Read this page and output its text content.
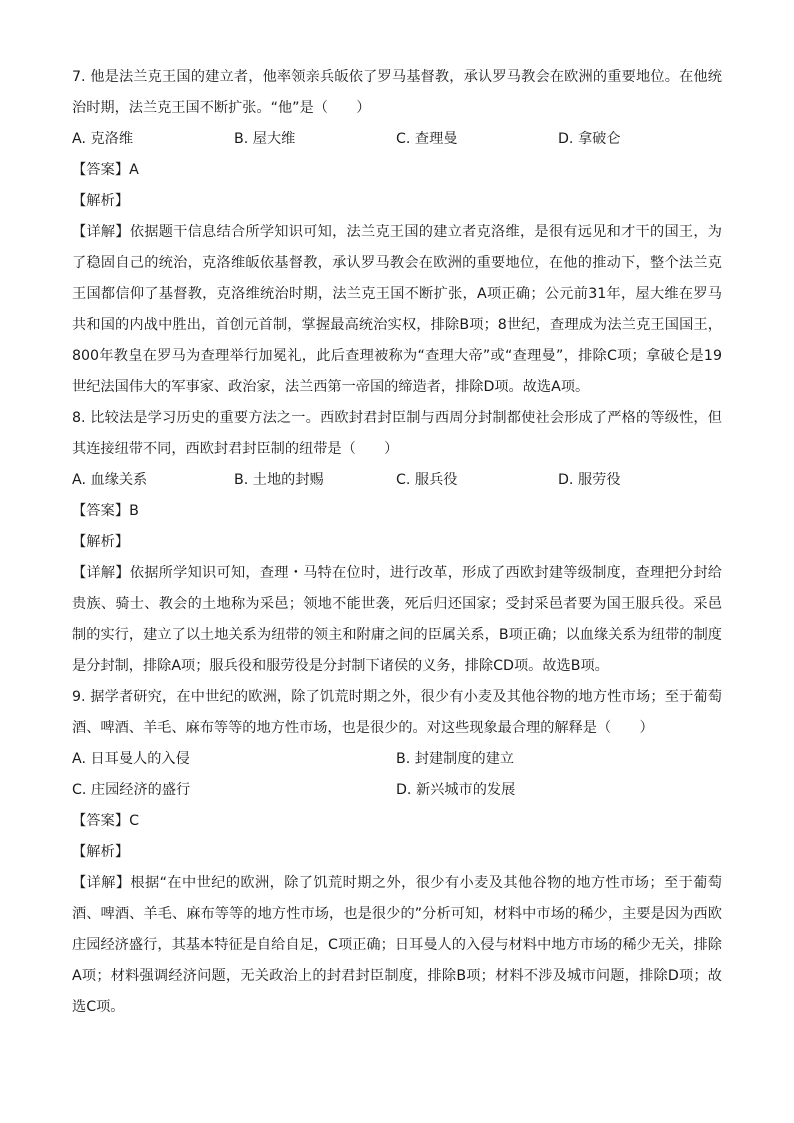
7. 他是法兰克王国的建立者，他率领亲兵皈依了罗马基督教，承认罗马教会在欧洲的重要地位。在他统治时期，法兰克王国不断扩张。“他”是（　　）
A. 克洛维	B. 屋大维	C. 查理曼	D. 拿破仑
【答案】A
【解析】
【详解】依据题干信息结合所学知识可知，法兰克王国的建立者克洛维，是很有远见和才干的国王，为了稳固自己的统治，克洛维皈依基督教，承认罗马教会在欧洲的重要地位，在他的推动下，整个法兰克王国都信仰了基督教，克洛维统治时期，法兰克王国不断扩张，A项正确；公元前31年，屋大维在罗马共和国的内战中胜出，首创元首制，掌握最高统治实权，排除B项；8世纪，查理成为法兰克王国国王，800年教皇在罗马为查理举行加冕礼，此后查理被称为“查理大帝”或“查理曼”，排除C项；拿破仑是19世纪法国伟大的军事家、政治家，法兰西第一帝国的缔造者，排除D项。故选A项。
8. 比较法是学习历史的重要方法之一。西欧封君封臣制与西周分封制都使社会形成了严格的等级性，但其连接纽带不同，西欧封君封臣制的纽带是（　　）
A. 血缘关系	B. 土地的封赐	C. 服兵役	D. 服劳役
【答案】B
【解析】
【详解】依据所学知识可知，查理・马特在位时，进行改革，形成了西欧封建等级制度，查理把分封给贵族、骑士、教会的土地称为采邑；领地不能世袭，死后归还国家；受封采邑者要为国王服兵役。采邑制的实行，建立了以土地关系为纽带的领主和附庸之间的臣属关系，B项正确；以血缘关系为纽带的制度是分封制，排除A项；服兵役和服劳役是分封制下诸侯的义务，排除CD项。故选B项。
9. 据学者研究，在中世纪的欧洲，除了饥荒时期之外，很少有小麦及其他谷物的地方性市场；至于葡萄酒、啤酒、羊毛、麻布等等的地方性市场，也是很少的。对这些现象最合理的解释是（　　）
A. 日耳曼人的入侵	B. 封建制度的建立
C. 庄园经济的盛行	D. 新兴城市的发展
【答案】C
【解析】
【详解】根据“在中世纪的欧洲，除了饥荒时期之外，很少有小麦及其他谷物的地方性市场；至于葡萄酒、啤酒、羊毛、麻布等等的地方性市场，也是很少的”分析可知，材料中市场的稀少，主要是因为西欧庄园经济盛行，其基本特征是自给自足，C项正确；日耳曼人的入侵与材料中地方市场的稀少无关，排除A项；材料强调经济问题，无关政治上的封君封臣制度，排除B项；材料不涉及城市问题，排除D项；故选C项。
